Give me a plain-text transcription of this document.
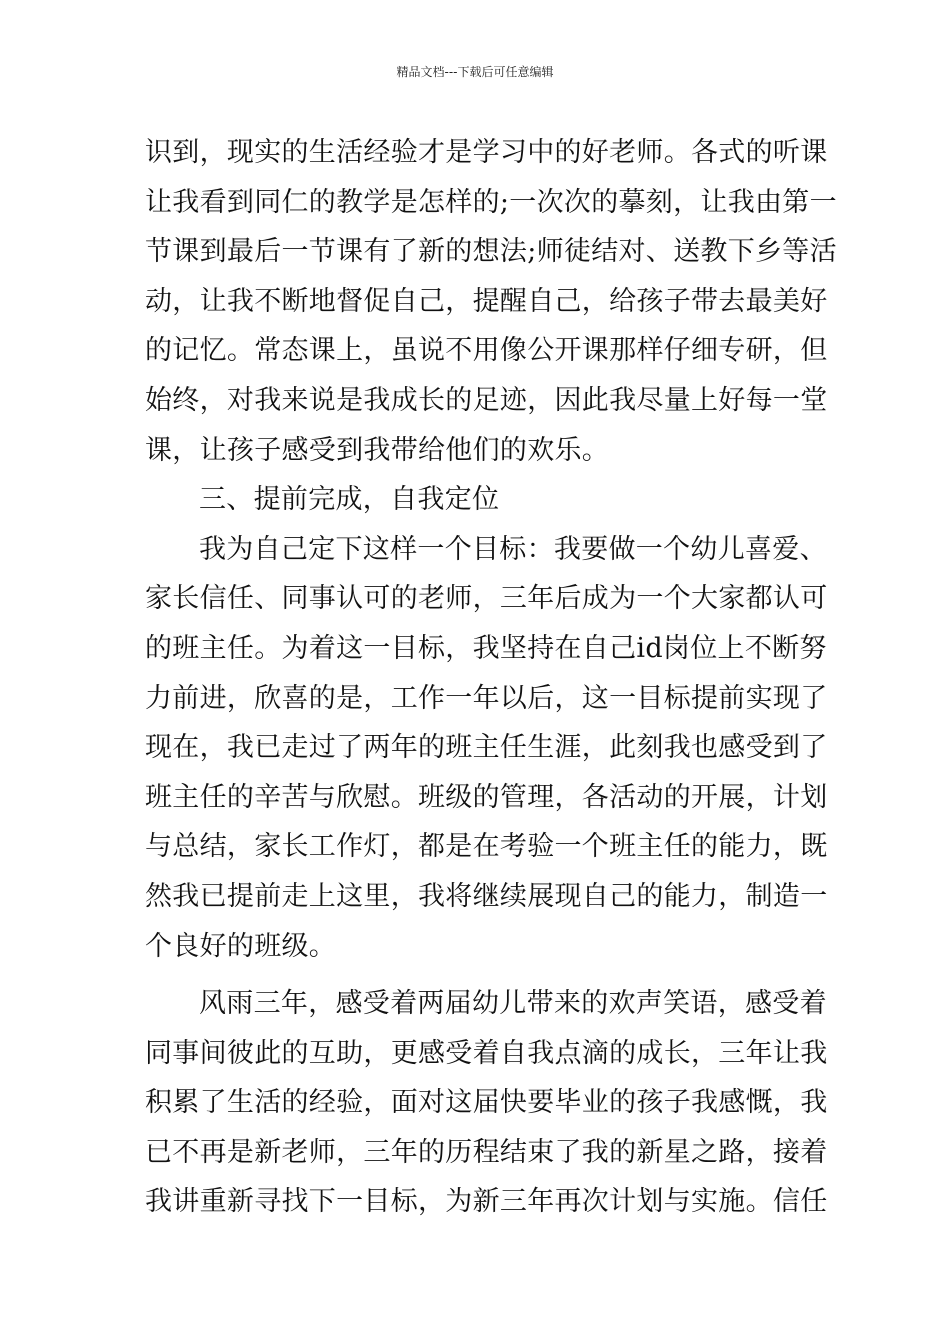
精品文档---下载后可任意编辑
识到，现实的生活经验才是学习中的好老师。各式的听课
让我看到同仁的教学是怎样的;一次次的摹刻，让我由第一
节课到最后一节课有了新的想法;师徒结对、送教下乡等活
动，让我不断地督促自己，提醒自己，给孩子带去最美好
的记忆。常态课上，虽说不用像公开课那样仔细专研，但
始终，对我来说是我成长的足迹，因此我尽量上好每一堂
课，让孩子感受到我带给他们的欢乐。
三、提前完成，自我定位
我为自己定下这样一个目标：我要做一个幼儿喜爱、
家长信任、同事认可的老师，三年后成为一个大家都认可
的班主任。为着这一目标，我坚持在自己id岗位上不断努
力前进，欣喜的是，工作一年以后，这一目标提前实现了
现在，我已走过了两年的班主任生涯，此刻我也感受到了
班主任的辛苦与欣慰。班级的管理，各活动的开展，计划
与总结，家长工作灯，都是在考验一个班主任的能力，既
然我已提前走上这里，我将继续展现自己的能力，制造一
个良好的班级。
风雨三年，感受着两届幼儿带来的欢声笑语，感受着
同事间彼此的互助，更感受着自我点滴的成长，三年让我
积累了生活的经验，面对这届快要毕业的孩子我感慨，我
已不再是新老师，三年的历程结束了我的新星之路，接着
我讲重新寻找下一目标，为新三年再次计划与实施。信任
